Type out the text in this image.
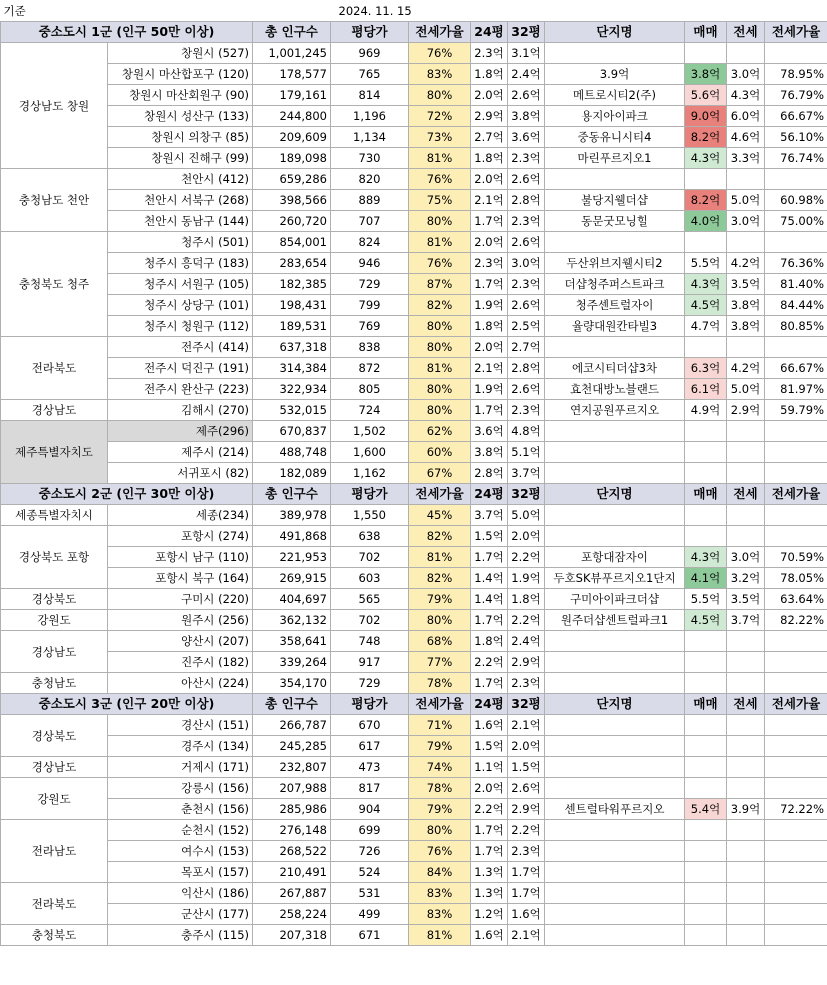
기준			2024. 11. 15							
중소도시 1군 (인구 50만 이상)		총 인구수	평당가	전세가율	24평	32평	단지명	매매	전세	전세가율
경상남도 창원	창원시 (527)	1,001,245	969	76%	2.3억	3.1억				
	창원시 마산합포구 (120)	178,577	765	83%	1.8억	2.4억	3.9억	3.8억	3.0억	78.95%
	창원시 마산회원구 (90)	179,161	814	80%	2.0억	2.6억	메트로시티2(주)	5.6억	4.3억	76.79%
	창원시 성산구 (133)	244,800	1,196	72%	2.9억	3.8억	용지아이파크	9.0억	6.0억	66.67%
	창원시 의창구 (85)	209,609	1,134	73%	2.7억	3.6억	중동유니시티4	8.2억	4.6억	56.10%
	창원시 진해구 (99)	189,098	730	81%	1.8억	2.3억	마린푸르지오1	4.3억	3.3억	76.74%
충청남도 천안	천안시 (412)	659,286	820	76%	2.0억	2.6억				
	천안시 서북구 (268)	398,566	889	75%	2.1억	2.8억	불당지웰더샵	8.2억	5.0억	60.98%
	천안시 동남구 (144)	260,720	707	80%	1.7억	2.3억	동문굿모닝힐	4.0억	3.0억	75.00%
충청북도 청주	청주시 (501)	854,001	824	81%	2.0억	2.6억				
	청주시 흥덕구 (183)	283,654	946	76%	2.3억	3.0억	두산위브지웰시티2	5.5억	4.2억	76.36%
	청주시 서원구 (105)	182,385	729	87%	1.7억	2.3억	더샵청주퍼스트파크	4.3억	3.5억	81.40%
	청주시 상당구 (101)	198,431	799	82%	1.9억	2.6억	청주센트럴자이	4.5억	3.8억	84.44%
	청주시 청원구 (112)	189,531	769	80%	1.8억	2.5억	율량대원칸타빌3	4.7억	3.8억	80.85%
전라북도	전주시 (414)	637,318	838	80%	2.0억	2.7억				
	전주시 덕진구 (191)	314,384	872	81%	2.1억	2.8억	에코시티더샵3차	6.3억	4.2억	66.67%
	전주시 완산구 (223)	322,934	805	80%	1.9억	2.6억	효천대방노블랜드	6.1억	5.0억	81.97%
경상남도	김해시 (270)	532,015	724	80%	1.7억	2.3억	연지공원푸르지오	4.9억	2.9억	59.79%
제주특별자치도	제주(296)	670,837	1,502	62%	3.6억	4.8억				
	제주시 (214)	488,748	1,600	60%	3.8억	5.1억				
	서귀포시 (82)	182,089	1,162	67%	2.8억	3.7억				
중소도시 2군 (인구 30만 이상)		총 인구수	평당가	전세가율	24평	32평	단지명	매매	전세	전세가율
세종특별자치시	세종(234)	389,978	1,550	45%	3.7억	5.0억				
경상북도 포항	포항시 (274)	491,868	638	82%	1.5억	2.0억				
	포항시 남구 (110)	221,953	702	81%	1.7억	2.2억	포항대잠자이	4.3억	3.0억	70.59%
	포항시 북구 (164)	269,915	603	82%	1.4억	1.9억	두호SK뷰푸르지오1단지	4.1억	3.2억	78.05%
경상북도	구미시 (220)	404,697	565	79%	1.4억	1.8억	구미아이파크더샵	5.5억	3.5억	63.64%
강원도	원주시 (256)	362,132	702	80%	1.7억	2.2억	원주더샵센트럴파크1	4.5억	3.7억	82.22%
경상남도	양산시 (207)	358,641	748	68%	1.8억	2.4억				
	진주시 (182)	339,264	917	77%	2.2억	2.9억				
충청남도	아산시 (224)	354,170	729	78%	1.7억	2.3억				
중소도시 3군 (인구 20만 이상)		총 인구수	평당가	전세가율	24평	32평	단지명	매매	전세	전세가율
경상북도	경산시 (151)	266,787	670	71%	1.6억	2.1억				
	경주시 (134)	245,285	617	79%	1.5억	2.0억				
경상남도	거제시 (171)	232,807	473	74%	1.1억	1.5억				
강원도	강릉시 (156)	207,988	817	78%	2.0억	2.6억				
	춘천시 (156)	285,986	904	79%	2.2억	2.9억	센트럴타워푸르지오	5.4억	3.9억	72.22%
전라남도	순천시 (152)	276,148	699	80%	1.7억	2.2억				
	여수시 (153)	268,522	726	76%	1.7억	2.3억				
	목포시 (157)	210,491	524	84%	1.3억	1.7억				
전라북도	익산시 (186)	267,887	531	83%	1.3억	1.7억				
	군산시 (177)	258,224	499	83%	1.2억	1.6억				
충청북도	충주시 (115)	207,318	671	81%	1.6억	2.1억				
